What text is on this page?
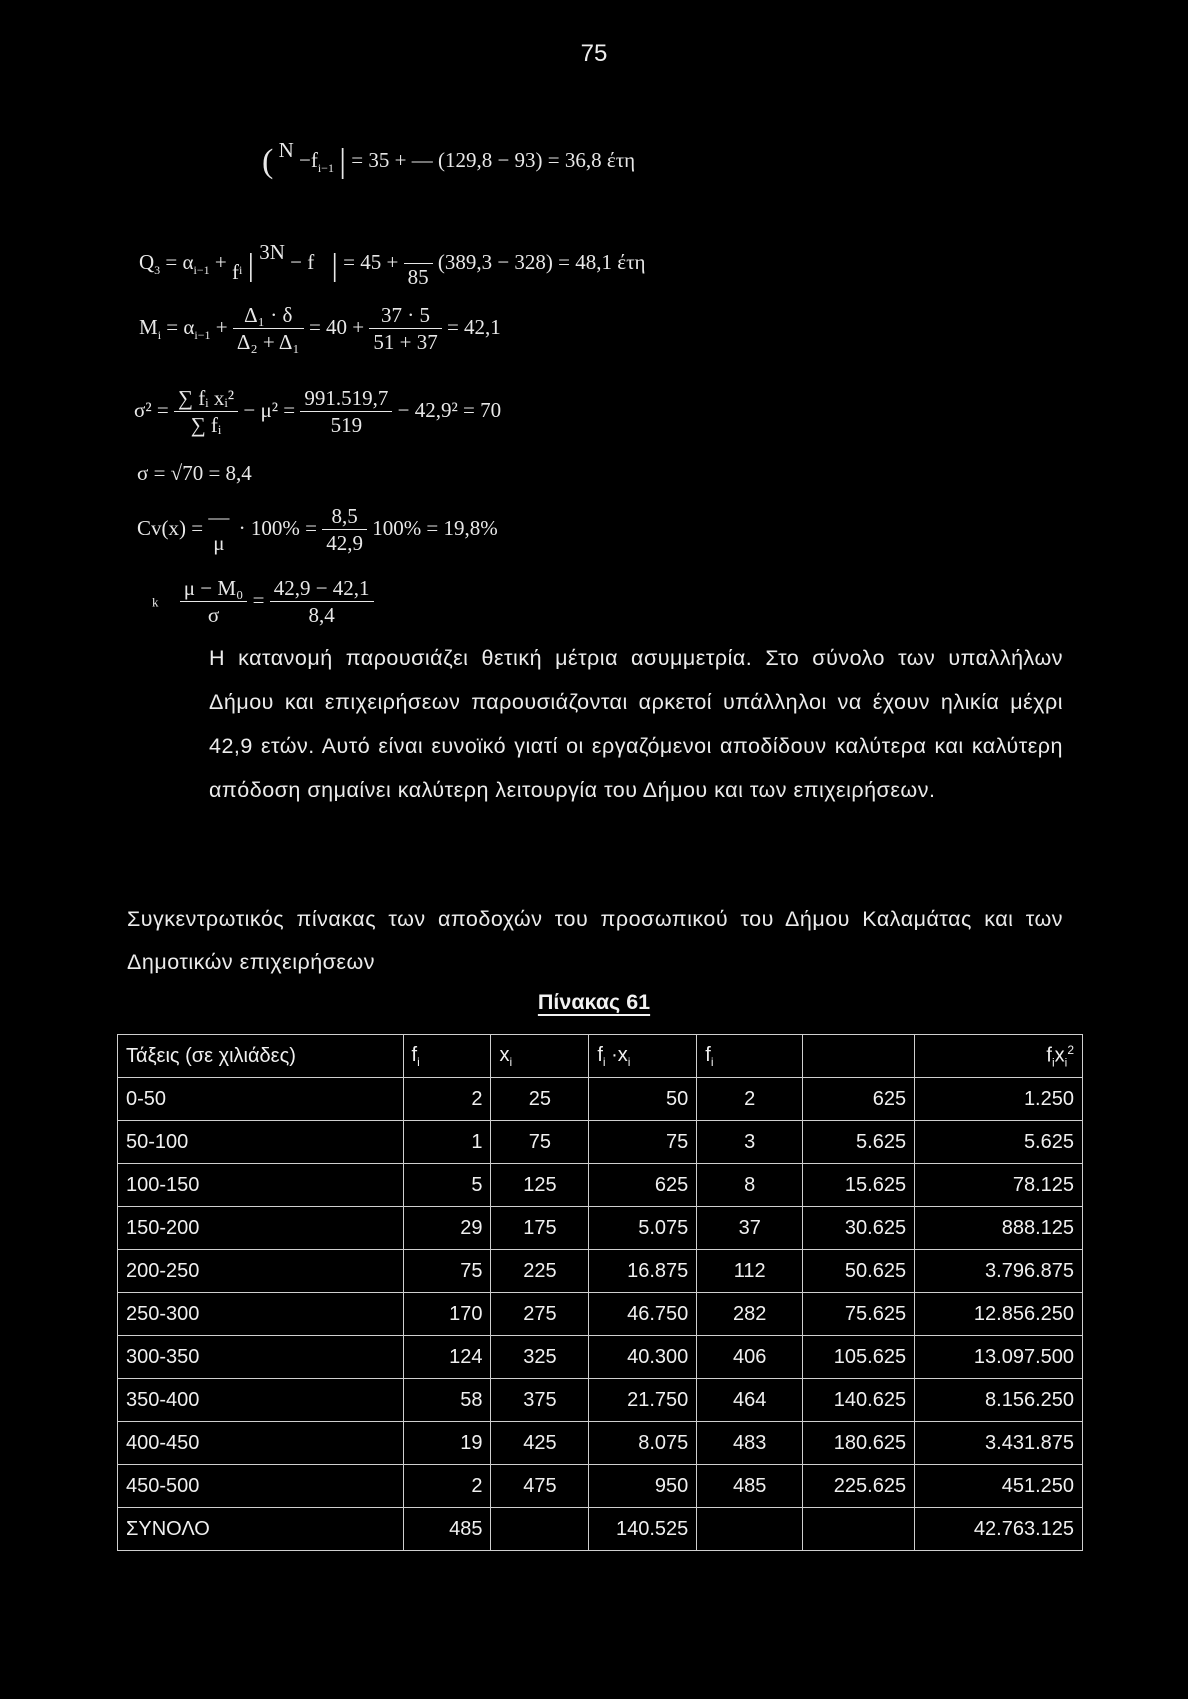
75
( $N -f_{i-1}$ | = 35 + — (129,8 − 93) = 36,8 έτη
$Q_3 = \alpha_{i-1} + f_i$ | 3N − f | = 45 +

85
(389,3 − 328) = 48,1 έτη
$M_i = \alpha_{i-1} + \frac{\text{Δ₁ · δ}}{\text{Δ₂ + Δ₁}} = 40 + \frac{37 \cdot 5}{51 + 37} = 42,1$
$\sigma^2 = \frac{\text{∑ fᵢ xᵢ²}}{\text{∑ fᵢ}} - \mu^2 = \frac{991.519,7}{519} - 42,9^2 = 70$
σ = √70 = 8,4
Cv(x) = —
μ
· $100\% = \frac{8,5}{42,9} 100\% = 19,8\%$
k $\frac{\text{μ − M₀}}{\sigma} = \frac{42,9 - 42,1}{8,4}$
Η κατανομή παρουσιάζει θετική μέτρια ασυμμετρία. Στο σύνολο των υπαλλήλων Δήμου και επιχειρήσεων παρουσιάζονται αρκετοί υπάλληλοι να έχουν ηλικία μέχρι 42,9 ετών. Αυτό είναι ευνοϊκό γιατί οι εργαζόμενοι αποδίδουν καλύτερα και καλύτερη απόδοση σημαίνει καλύτερη λειτουργία του Δήμου και των επιχειρήσεων.
Συγκεντρωτικός πίνακας των αποδοχών του προσωπικού του Δήμου Καλαμάτας και των Δημοτικών επιχειρήσεων
Πίνακας 61
Τάξεις (σε χιλιάδες)	$f_i$	$x_i$	$f_i \cdot x_i$	$f_i$		$f_ix_i^2$
0-50	2	25	50	2	625	1.250
50-100	1	75	75	3	5.625	5.625
100-150	5	125	625	8	15.625	78.125
150-200	29	175	5.075	37	30.625	888.125
200-250	75	225	16.875	112	50.625	3.796.875
250-300	170	275	46.750	282	75.625	12.856.250
300-350	124	325	40.300	406	105.625	13.097.500
350-400	58	375	21.750	464	140.625	8.156.250
400-450	19	425	8.075	483	180.625	3.431.875
450-500	2	475	950	485	225.625	451.250
ΣΥΝΟΛΟ	485		140.525			42.763.125
